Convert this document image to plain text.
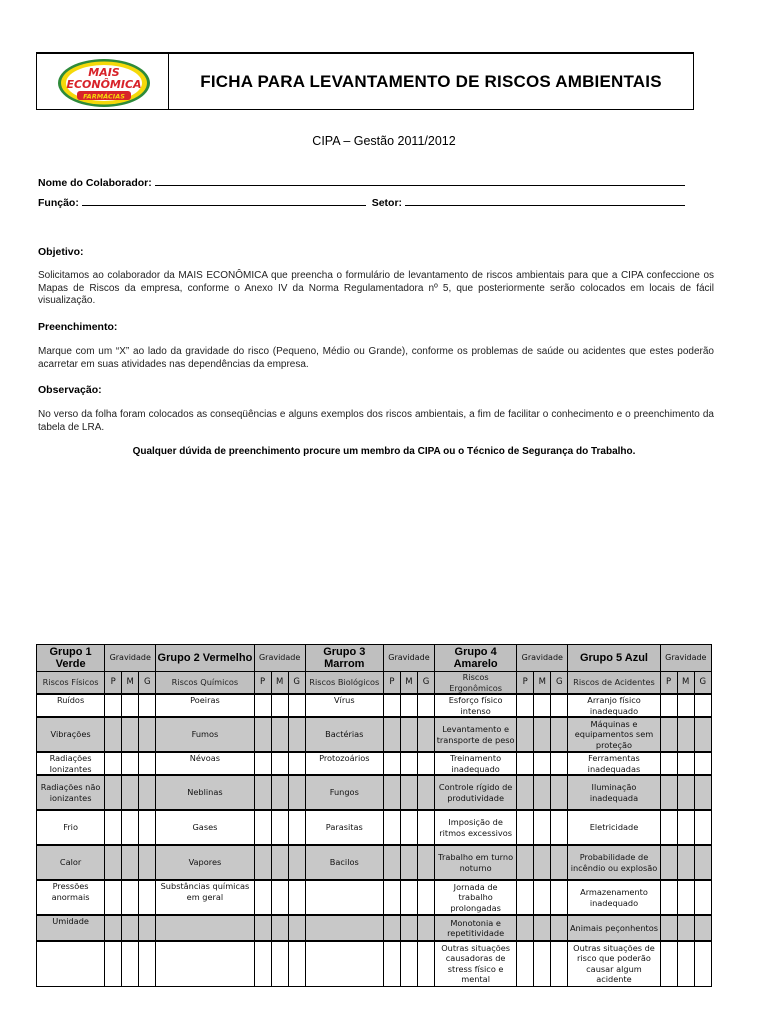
MAIS
ECONÔMICA
FARMÁCIAS
FICHA PARA LEVANTAMENTO DE RISCOS AMBIENTAIS
CIPA – Gestão 2011/2012
Nome do Colaborador:
Função:	Setor:
Objetivo:
Solicitamos ao colaborador da MAIS ECONÔMICA que preencha o formulário de levantamento de riscos ambientais para que a CIPA confeccione os Mapas de Riscos da empresa, conforme o Anexo IV da Norma Regulamentadora nº 5, que posteriormente serão colocados em locais de fácil visualização.
Preenchimento:
Marque com um “X” ao lado da gravidade do risco (Pequeno, Médio ou Grande), conforme os problemas de saúde ou acidentes que estes poderão acarretar em suas atividades nas dependências da empresa.
Observação:
No verso da folha foram colocados as conseqüências e alguns exemplos dos riscos ambientais, a fim de facilitar o conhecimento e o preenchimento da tabela de LRA.
Qualquer dúvida de preenchimento procure um membro da CIPA ou o Técnico de Segurança do Trabalho.
Grupo 1 Verde	Gravidade			Grupo 2 Vermelho	Gravidade			Grupo 3 Marrom	Gravidade			Grupo 4 Amarelo	Gravidade			Grupo 5 Azul	Gravidade		
Riscos Físicos	P	M	G	Riscos Químicos	P	M	G	Riscos Biológicos	P	M	G	Riscos Ergonômicos	P	M	G	Riscos de Acidentes	P	M	G
Ruídos				Poeiras				Vírus				Esforço físico intenso				Arranjo físico inadequado			
Vibrações				Fumos				Bactérias				Levantamento e transporte de peso				Máquinas e equipamentos sem proteção			
Radiações Ionizantes				Névoas				Protozoários				Treinamento inadequado				Ferramentas inadequadas			
Radiações não ionizantes				Neblinas				Fungos				Controle rígido de produtividade				Iluminação inadequada			
Frio				Gases				Parasitas				Imposição de ritmos excessivos				Eletricidade			
Calor				Vapores				Bacilos				Trabalho em turno noturno				Probabilidade de incêndio ou explosão			
Pressões anormais				Substâncias químicas em geral								Jornada de trabalho prolongadas				Armazenamento inadequado			
Umidade												Monotonia e repetitividade				Animais peçonhentos			
												Outras situações causadoras de stress físico e mental				Outras situações de risco que poderão causar algum acidente			
